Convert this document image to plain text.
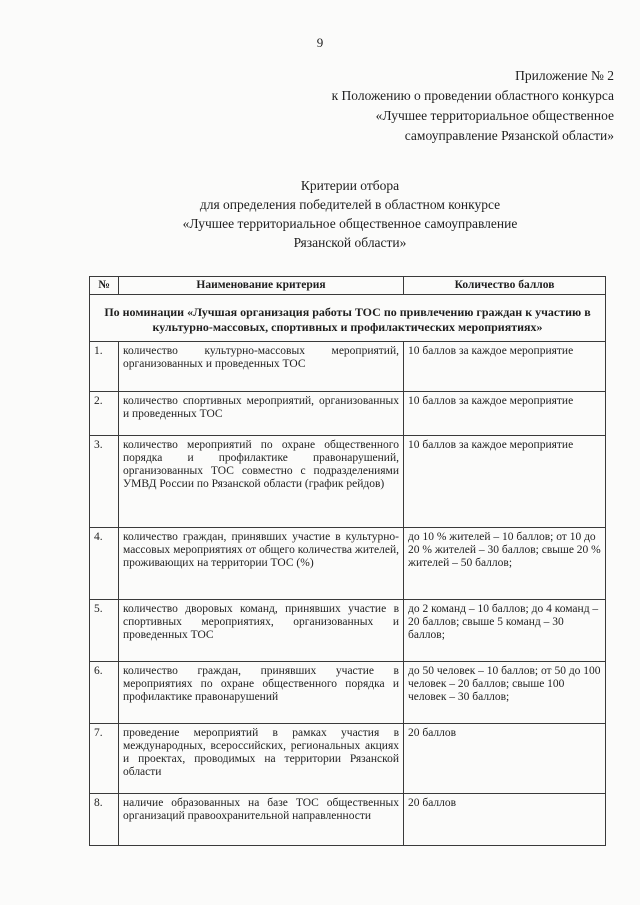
9
Приложение № 2
к Положению о проведении областного конкурса
«Лучшее территориальное общественное
самоуправление Рязанской области»
Критерии отбора
для определения победителей в областном конкурсе
«Лучшее территориальное общественное самоуправление
Рязанской области»
№	Наименование критерия	Количество баллов
По номинации «Лучшая организация работы ТОС по привлечению граждан к участию в культурно-массовых, спортивных и профилактических мероприятиях»		
1.	количество культурно-массовых мероприятий, организованных и проведенных ТОС	10 баллов за каждое мероприятие
2.	количество спортивных мероприятий, организованных и проведенных ТОС	10 баллов за каждое мероприятие
3.	количество мероприятий по охране общественного порядка и профилактике правонарушений, организованных ТОС совместно с подразделениями УМВД России по Рязанской области (график рейдов)	10 баллов за каждое мероприятие
4.	количество граждан, принявших участие в культурно-массовых мероприятиях от общего количества жителей, проживающих на территории ТОС (%)	до 10 % жителей – 10 баллов; от 10 до 20 % жителей – 30 баллов; свыше 20 % жителей – 50 баллов;
5.	количество дворовых команд, принявших участие в спортивных мероприятиях, организованных и проведенных ТОС	до 2 команд – 10 баллов; до 4 команд – 20 баллов; свыше 5 команд – 30 баллов;
6.	количество граждан, принявших участие в мероприятиях по охране общественного порядка и профилактике правонарушений	до 50 человек – 10 баллов; от 50 до 100 человек – 20 баллов; свыше 100 человек – 30 баллов;
7.	проведение мероприятий в рамках участия в международных, всероссийских, региональных акциях и проектах, проводимых на территории Рязанской области	20 баллов
8.	наличие образованных на базе ТОС общественных организаций правоохранительной направленности	20 баллов
